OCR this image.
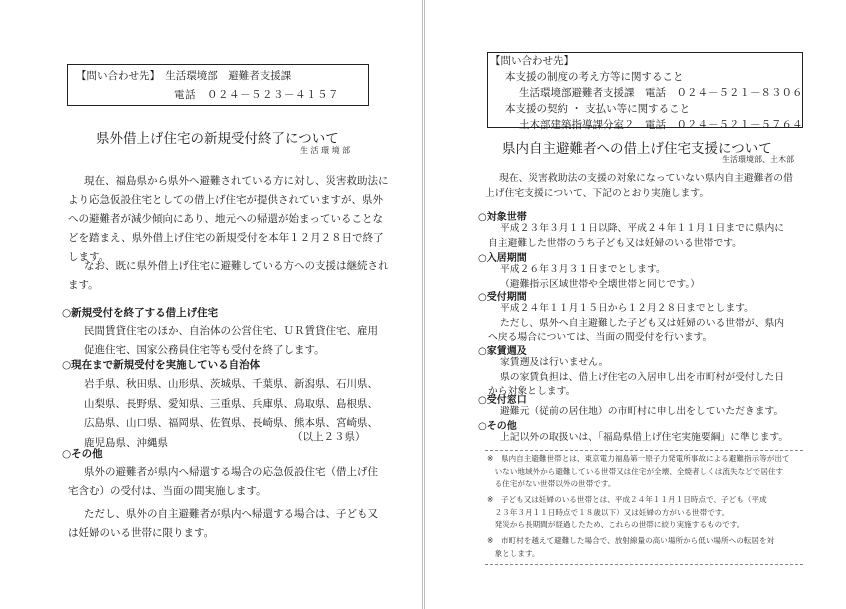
【問い合わせ先】　生活環境部　避難者支援課
電話　０２４－５２３－４１５７
県外借上げ住宅の新規受付終了について
生 活 環 境 部
現在、福島県から県外へ避難されている方に対し、災害救助法に
より応急仮設住宅としての借上げ住宅が提供されていますが、県外
への避難者が減少傾向にあり、地元への帰還が始まっていることな
どを踏まえ、県外借上げ住宅の新規受付を本年１２月２８日で終了
します。
なお、既に県外借上げ住宅に避難している方への支援は継続され
ます。
○新規受付を終了する借上げ住宅
民間賃貸住宅のほか、自治体の公営住宅、ＵＲ賃貸住宅、雇用
促進住宅、国家公務員住宅等も受付を終了します。
○現在まで新規受付を実施している自治体
岩手県、秋田県、山形県、茨城県、千葉県、新潟県、石川県、
山梨県、長野県、愛知県、三重県、兵庫県、鳥取県、島根県、
広島県、山口県、福岡県、佐賀県、長崎県、熊本県、宮崎県、
鹿児島県、沖縄県	（以上２３県）
○その他
県外の避難者が県内へ帰還する場合の応急仮設住宅（借上げ住
宅含む）の受付は、当面の間実施します。
ただし、県外の自主避難者が県内へ帰還する場合は、子ども又
は妊婦のいる世帯に限ります。
【問い合わせ先】
本支援の制度の考え方等に関すること
生活環境部避難者支援課　電話　０２４－５２１－８３０６
本支援の契約 ・ 支払い等に関すること
土木部建築指導課分室２　電話　０２４－５２１－５７６４
県内自主避難者への借上げ住宅支援について
生活環境部、土木部
現在、災害救助法の支援の対象になっていない県内自主避難者の借
上げ住宅支援について、下記のとおり実施します。
○対象世帯
平成２３年３月１１日以降、平成２４年１１月１日までに県内に
自主避難した世帯のうち子ども又は妊婦のいる世帯です。
○入居期間
平成２６年３月３１日までとします。
（避難指示区域世帯や全壊世帯と同じです。）
○受付期間
平成２４年１１月１５日から１２月２８日までとします。
ただし、県外へ自主避難した子ども又は妊婦のいる世帯が、県内
へ戻る場合については、当面の間受付を行います。
○家賃週及
家賃遡及は行いません。
県の家賃負担は、借上げ住宅の入居申し出を市町村が受付した日
から対象とします。
○受付窓口
避難元（従前の居住地）の市町村に申し出をしていただきます。
○その他
上記以外の取扱いは、「福島県借上げ住宅実施要綱」に準じます。
※　県内自主避難世帯とは、東京電力福島第一原子力発電所事故による避難指示等が出て
　いない地域外から避難している世帯又は住宅が全壊、全焼者しくは流失などで居住す
　る住宅がない世帯以外の世帯です。
※　子ども又は妊婦のいる世帯とは、平成２４年１１月１日時点で、子ども（平成
　２３年３月１１日時点で１８歳以下）又は妊婦の方がいる世帯です。
　発災から長期間が経過したため、これらの世帯に絞り実施するものです。
※　市町村を越えて避難した場合で、放射線量の高い場所から低い場所への転居を対
　象とします。
